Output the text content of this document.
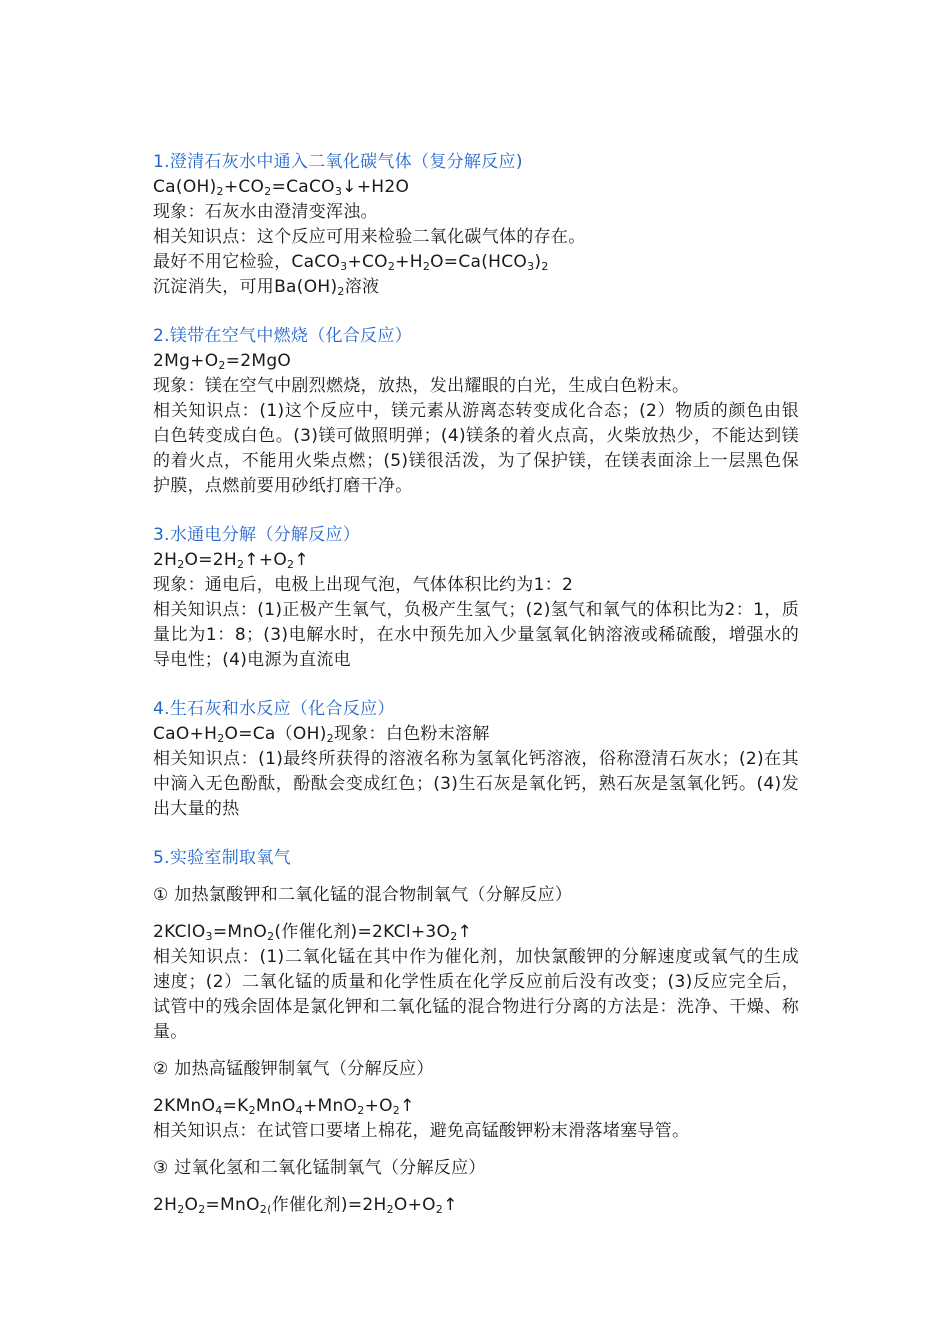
1.澄清石灰水中通入二氧化碳气体（复分解反应)
$Ca(OH)_2+CO_2=CaCO_3↓+H2O$
现象：石灰水由澄清变浑浊。
相关知识点：这个反应可用来检验二氧化碳气体的存在。
最好不用它检验，$CaCO_3+CO_2+H_2O=Ca(HCO_3)_2$
沉淀消失，可用$Ba(OH)_2$溶液
2.镁带在空气中燃烧（化合反应）
$2Mg+O_2=2MgO$
现象：镁在空气中剧烈燃烧，放热，发出耀眼的白光，生成白色粉末。
相关知识点：(1)这个反应中，镁元素从游离态转变成化合态；(2）物质的颜色由银白色转变成白色。(3)镁可做照明弹；(4)镁条的着火点高，火柴放热少，不能达到镁的着火点，不能用火柴点燃；(5)镁很活泼，为了保护镁，在镁表面涂上一层黑色保护膜，点燃前要用砂纸打磨干净。
3.水通电分解（分解反应）
$2H_2O=2H_2↑+O_2↑$
现象：通电后，电极上出现气泡，气体体积比约为1：2
相关知识点：(1)正极产生氧气，负极产生氢气；(2)氢气和氧气的体积比为2：1，质量比为1：8；(3)电解水时，在水中预先加入少量氢氧化钠溶液或稀硫酸，增强水的导电性；(4)电源为直流电
4.生石灰和水反应（化合反应）
$CaO+H_2O=Ca(OH)_2$现象：白色粉末溶解
相关知识点：(1)最终所获得的溶液名称为氢氧化钙溶液，俗称澄清石灰水；(2)在其中滴入无色酚酞，酚酞会变成红色；(3)生石灰是氧化钙，熟石灰是氢氧化钙。(4)发出大量的热
5.实验室制取氧气
① 加热氯酸钾和二氧化锰的混合物制氧气（分解反应）
2KClO$_3$=MnO$_2$(作催化剂)$=2KCl+3O_2↑$
相关知识点：(1)二氧化锰在其中作为催化剂，加快氯酸钾的分解速度或氧气的生成速度；(2）二氧化锰的质量和化学性质在化学反应前后没有改变；(3)反应完全后，试管中的残余固体是氯化钾和二氧化锰的混合物进行分离的方法是：洗净、干燥、称量。
② 加热高锰酸钾制氧气（分解反应）
$2KMnO_4=K_2MnO_4+MnO_2+O_2↑$
相关知识点：在试管口要堵上棉花，避免高锰酸钾粉末滑落堵塞导管。
③ 过氧化氢和二氧化锰制氧气（分解反应）
$2H_2O_2=MnO_{2(}$作催化剂)$=2H_2O+O_2↑$
